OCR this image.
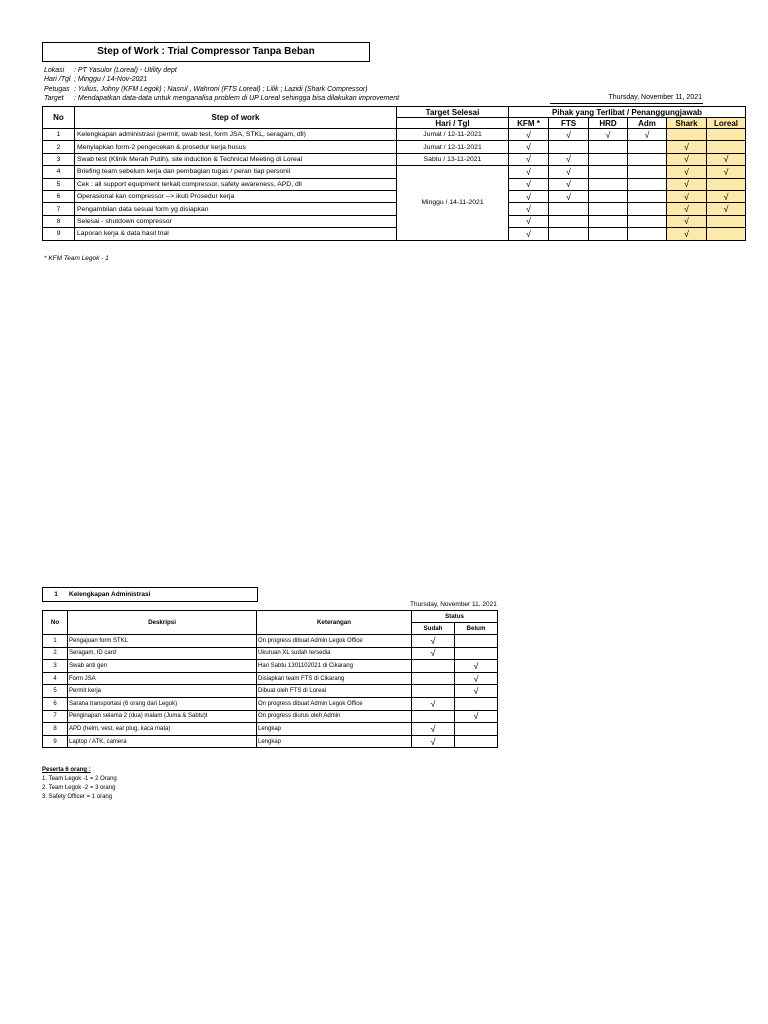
Step of Work : Trial Compressor Tanpa Beban
Lokasi	: PT Yasulor (Loreal) - Utility dept
Hari /Tgl ; Minggu / 14-Nov-2021
Petugas : Yulius, Johny (KFM Legok) ; Nasrul , Wahroni (FTS Loreal) ; Lilik ; Lazidi (Shark Compressor)
Target	: Mendapatkan data-data untuk menganalisa problem di UP Loreal sehingga bisa dilakukan improvement	Thursday, November 11, 2021
No	Step of work	Target Selesai	Pihak yang Terlibat / Penanggungjawab					
		Hari / Tgl	KFM *	FTS	HRD	Adm	Shark	Loreal
1	Kelengkapan administrasi (permit, swab test, form JSA, STKL, seragam, dll)	Jumat / 12-11-2021	√	√	√	√		
2	Menyiapkan form-2 pengecekan & prosedur kerja husus	Jumat / 12-11-2021	√				√	
3	Swab test (Klinik Merah Putih), site induction & Technical Meeting di Loreal	Sabtu / 13-11-2021	√	√			√	√
4	Briefing team sebelum kerja dan pembagian tugas / peran tiap personil	Minggu / 14-11-2021	√	√			√	√
5	Cek : all support equipment terkait compressor, safety awareness, APD, dll		√	√			√	
6	Operasional kan compressor --> ikuti Prosedur kerja		√	√			√	√
7	Pengambilan data sesuai form yg disiapkan		√				√	√
8	Selesai - shutdown compressor		√				√	
9	Laporan kerja & data hasil trial		√				√	
* KFM Team Legok - 1
1	Kelengkapan Administrasi
Thursday, November 11, 2021
No	Deskripsi	Keterangan	Status	
			Sudah	Belum
1	Pengajuan form STKL	On progress dibuat Admin Legok Office	√	
2	Seragam, ID card	Ukuruan XL sudah tersedia	√	
3	Swab anti gen	Hari Sabtu 1301102021 di Cikarang		√
4	Form JSA	Disiapkan team FTS di Cikarang		√
5	Permit kerja	Dibuat oleh FTS di Loreal		√
6	Sarana transportasi (6 orang dari Legok)	On progress dibuat Admin Legok Office	√	
7	Penginapan selama 2 (dua) malam (Juma & Sabtu)t	On progress diurus oleh Admin		√
8	APD (helm, vest, ear plug, kaca mata)	Lengkap	√	
9	Laptop / ATK, camera	Lengkap	√	
Peserta 6 orang :
1. Team Legok -1 = 2 Orang
2. Team Legok -2 = 3 orang
3. Safety Officer = 1 orang
